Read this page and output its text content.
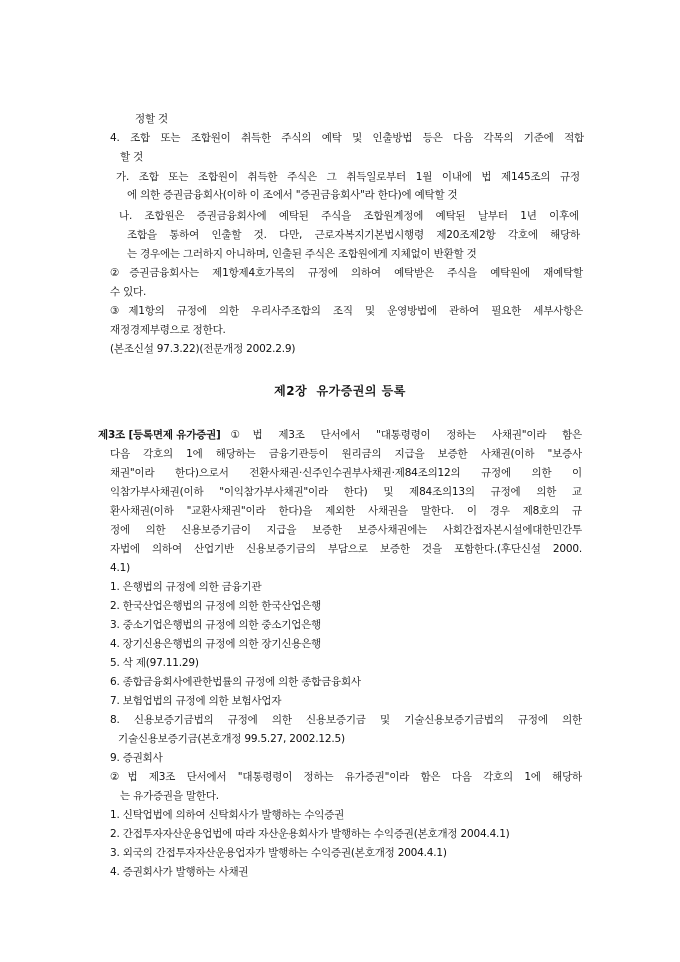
정할 것
4. 조합 또는 조합원이 취득한 주식의 예탁 및 인출방법 등은 다음 각목의 기준에 적합
할 것
가. 조합 또는 조합원이 취득한 주식은 그 취득일로부터 1월 이내에 법 제145조의 규정
에 의한 증권금융회사(이하 이 조에서 "증권금융회사"라 한다)에 예탁할 것
나. 조합원은 증권금융회사에 예탁된 주식을 조합원계정에 예탁된 날부터 1년 이후에
조합을 통하여 인출할 것. 다만, 근로자복지기본법시행령 제20조제2항 각호에 해당하
는 경우에는 그러하지 아니하며, 인출된 주식은 조합원에게 지체없이 반환할 것
②증권금융회사는 제1항제4호가목의 규정에 의하여 예탁받은 주식을 예탁원에 재예탁할
수 있다.
③제1항의 규정에 의한 우리사주조합의 조직 및 운영방법에 관하여 필요한 세부사항은
재정경제부령으로 정한다.
(본조신설 97.3.22)(전문개정 2002.2.9)
제2장  유가증권의 등록
제3조 [등록면제 유가증권] ①법 제3조 단서에서 "대통령령이 정하는 사채권"이라 함은
다음 각호의 1에 해당하는 금융기관등이 원리금의 지급을 보증한 사채권(이하 "보증사
채권"이라 한다)으로서 전환사채권·신주인수권부사채권·제84조의12의 규정에 의한 이
익참가부사채권(이하 "이익참가부사채권"이라 한다) 및 제84조의13의 규정에 의한 교
환사채권(이하 "교환사채권"이라 한다)을 제외한 사채권을 말한다. 이 경우 제8호의 규
정에 의한 신용보증기금이 지급을 보증한 보증사채권에는 사회간접자본시설에대한민간투
자법에 의하여 산업기반 신용보증기금의 부담으로 보증한 것을 포함한다.(후단신설 2000.
4.1)
1. 은행법의 규정에 의한 금융기관
2. 한국산업은행법의 규정에 의한 한국산업은행
3. 중소기업은행법의 규정에 의한 중소기업은행
4. 장기신용은행법의 규정에 의한 장기신용은행
5. 삭 제(97.11.29)
6. 종합금융회사에관한법률의 규정에 의한 종합금융회사
7. 보험업법의 규정에 의한 보험사업자
8. 신용보증기금법의 규정에 의한 신용보증기금 및 기술신용보증기금법의 규정에 의한
기술신용보증기금(본호개정 99.5.27, 2002.12.5)
9. 증권회사
②법 제3조 단서에서 "대통령령이 정하는 유가증권"이라 함은 다음 각호의 1에 해당하
는 유가증권을 말한다.
1. 신탁업법에 의하여 신탁회사가 발행하는 수익증권
2. 간접투자자산운용업법에 따라 자산운용회사가 발행하는 수익증권(본호개정 2004.4.1)
3. 외국의 간접투자자산운용업자가 발행하는 수익증권(본호개정 2004.4.1)
4. 증권회사가 발행하는 사채권
